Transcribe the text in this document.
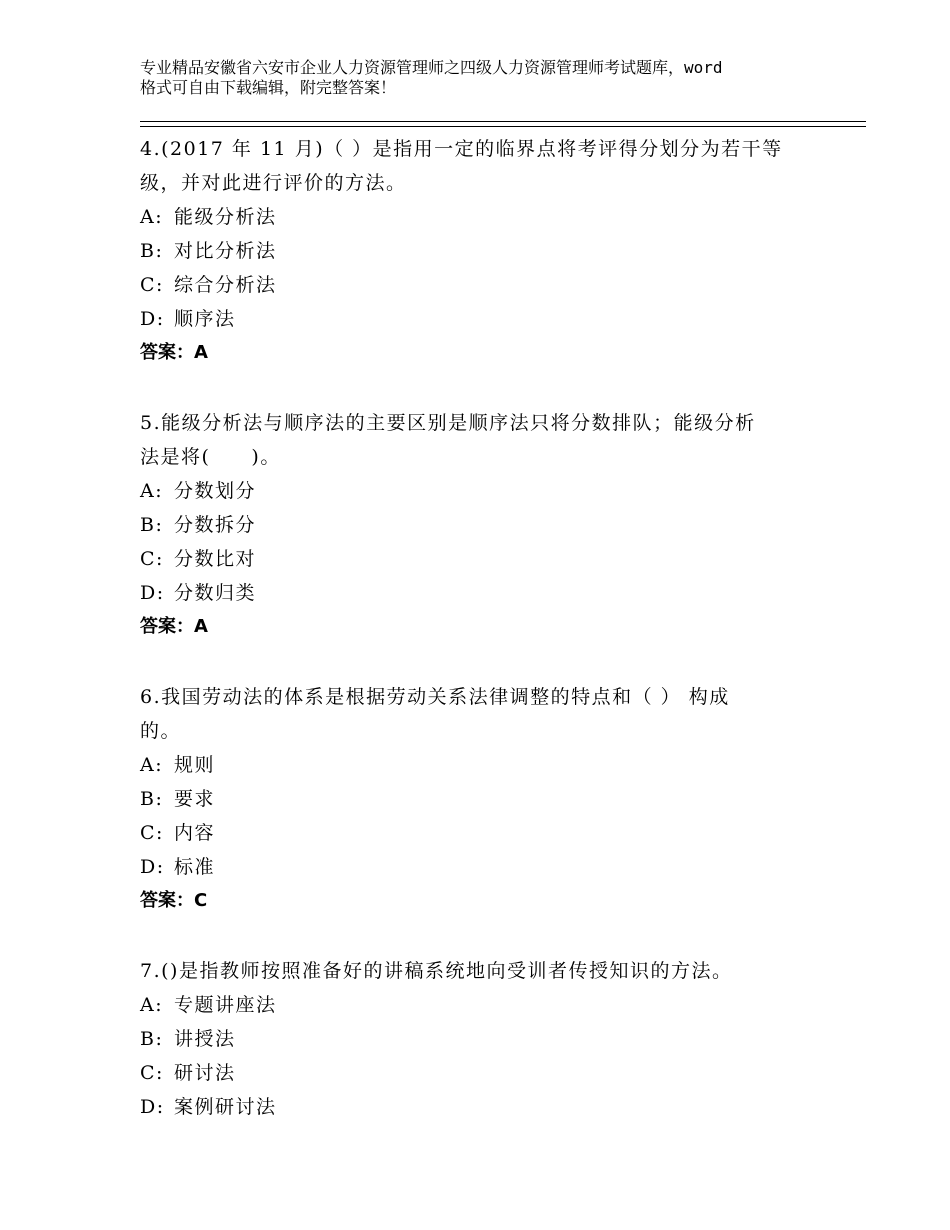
专业精品安徽省六安市企业人力资源管理师之四级人力资源管理师考试题库，word
格式可自由下载编辑，附完整答案！
4.(2017 年 11 月)（ ）是指用一定的临界点将考评得分划分为若干等
级，并对此进行评价的方法。
A: 能级分析法
B: 对比分析法
C: 综合分析法
D: 顺序法
答案：A
5.能级分析法与顺序法的主要区别是顺序法只将分数排队；能级分析
法是将(　　)。
A: 分数划分
B: 分数拆分
C: 分数比对
D: 分数归类
答案：A
6.我国劳动法的体系是根据劳动关系法律调整的特点和（ ） 构成
的。
A: 规则
B: 要求
C: 内容
D: 标准
答案：C
7.()是指教师按照准备好的讲稿系统地向受训者传授知识的方法。
A: 专题讲座法
B: 讲授法
C: 研讨法
D: 案例研讨法
